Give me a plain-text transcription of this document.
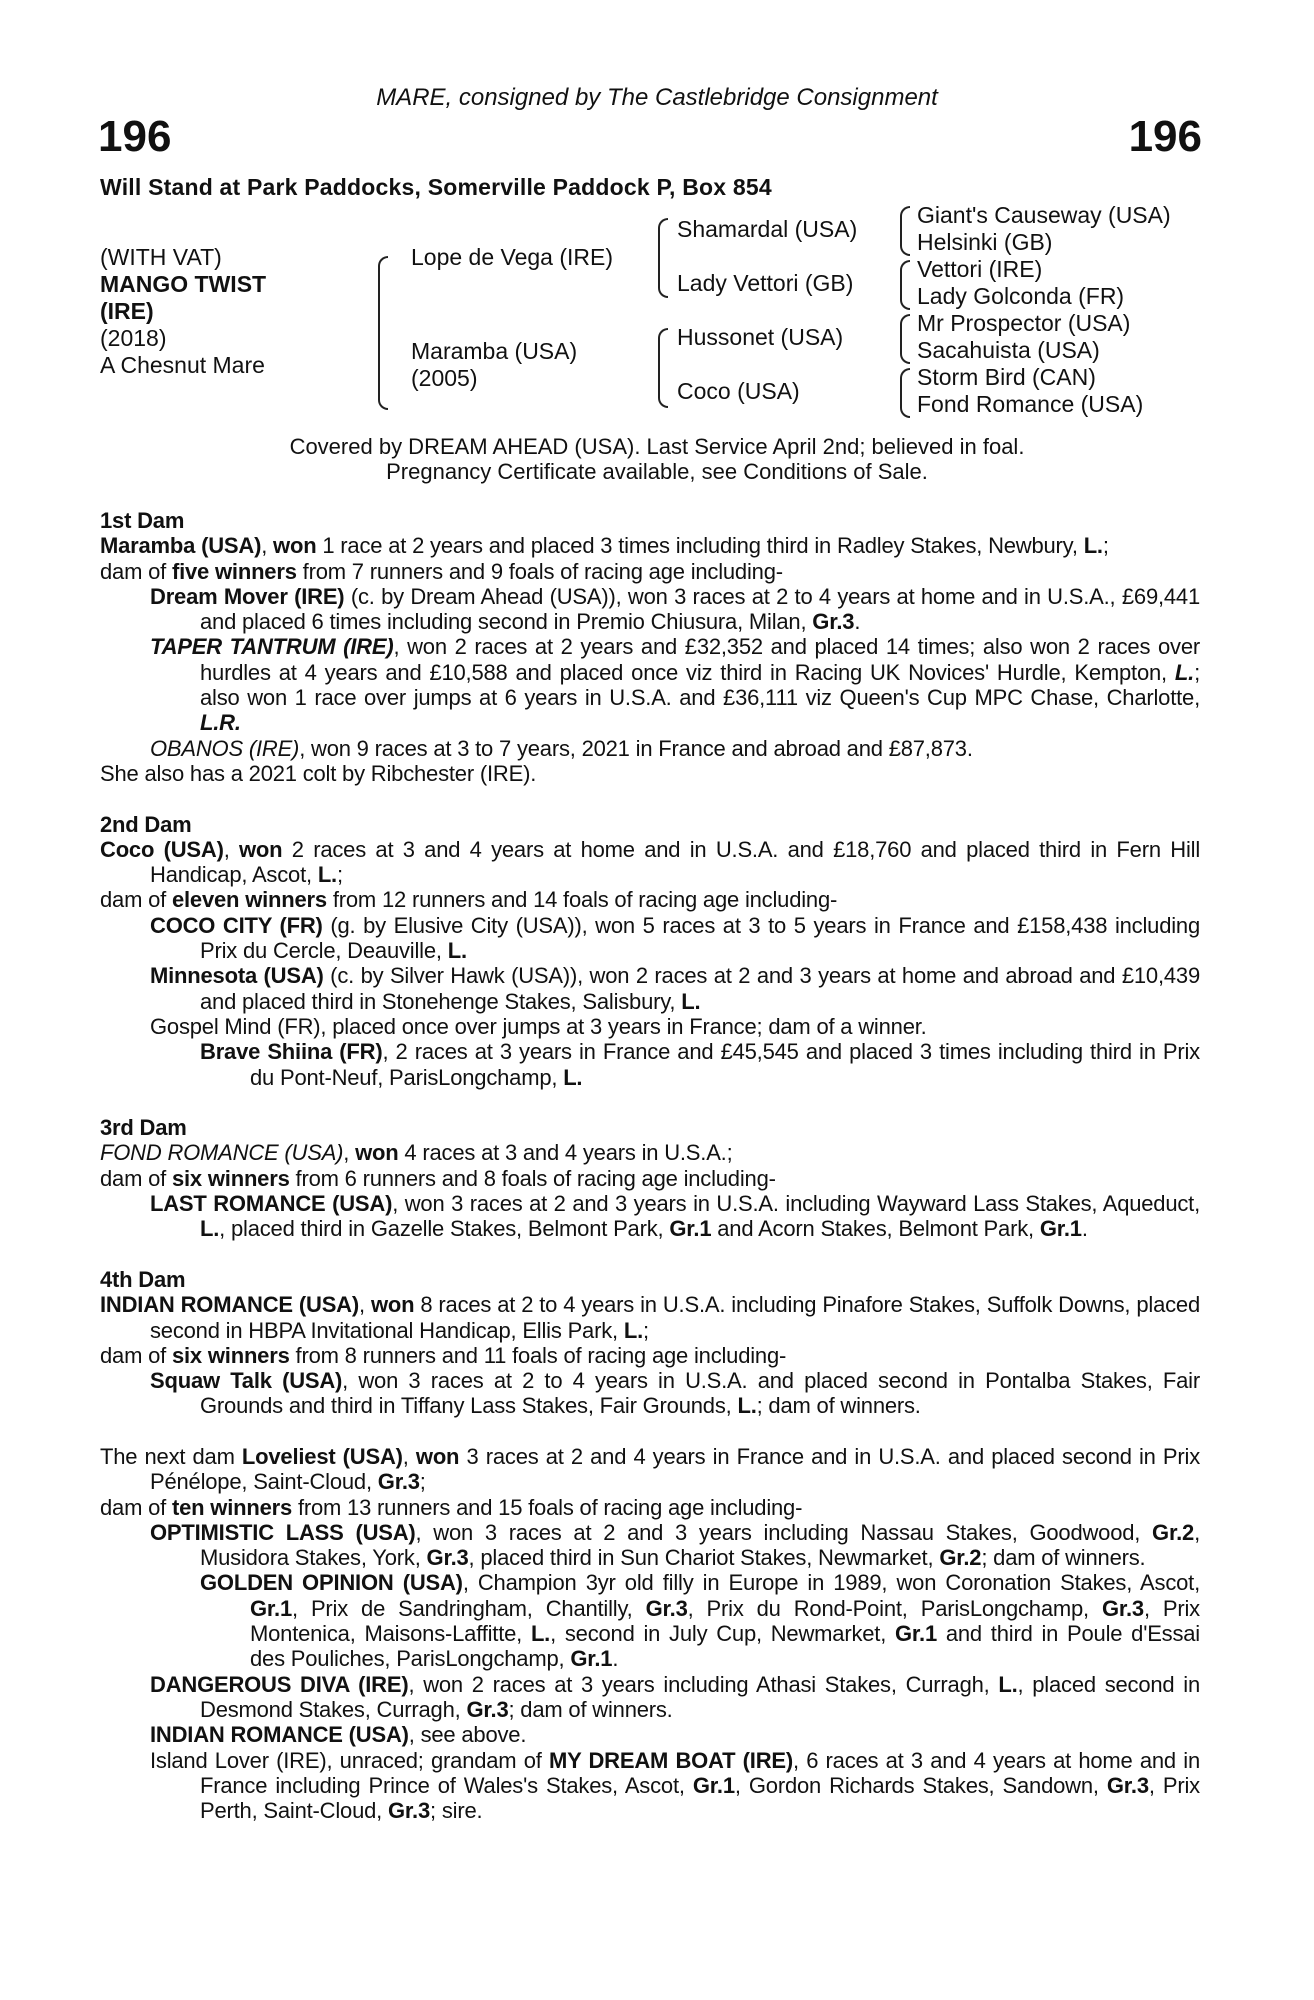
MARE, consigned by The Castlebridge Consignment
196	196
Will Stand at Park Paddocks, Somerville Paddock P, Box 854
(WITH VAT)
MANGO TWIST
(IRE)
(2018)
A Chesnut Mare
Lope de Vega (IRE)
Maramba (USA)
(2005)
Shamardal (USA)
Lady Vettori (GB)
Hussonet (USA)
Coco (USA)
Giant's Causeway (USA)
Helsinki (GB)
Vettori (IRE)
Lady Golconda (FR)
Mr Prospector (USA)
Sacahuista (USA)
Storm Bird (CAN)
Fond Romance (USA)
Covered by DREAM AHEAD (USA). Last Service April 2nd; believed in foal.
Pregnancy Certificate available, see Conditions of Sale.
1st Dam
Maramba (USA), won 1 race at 2 years and placed 3 times including third in Radley Stakes, Newbury, L.;
dam of five winners from 7 runners and 9 foals of racing age including-
Dream Mover (IRE) (c. by Dream Ahead (USA)), won 3 races at 2 to 4 years at home and in U.S.A., £69,441 and placed 6 times including second in Premio Chiusura, Milan, Gr.3.
TAPER TANTRUM (IRE), won 2 races at 2 years and £32,352 and placed 14 times; also won 2 races over hurdles at 4 years and £10,588 and placed once viz third in Racing UK Novices' Hurdle, Kempton, L.; also won 1 race over jumps at 6 years in U.S.A. and £36,111 viz Queen's Cup MPC Chase, Charlotte, L.R.
OBANOS (IRE), won 9 races at 3 to 7 years, 2021 in France and abroad and £87,873.
She also has a 2021 colt by Ribchester (IRE).
2nd Dam
Coco (USA), won 2 races at 3 and 4 years at home and in U.S.A. and £18,760 and placed third in Fern Hill Handicap, Ascot, L.;
dam of eleven winners from 12 runners and 14 foals of racing age including-
COCO CITY (FR) (g. by Elusive City (USA)), won 5 races at 3 to 5 years in France and £158,438 including Prix du Cercle, Deauville, L.
Minnesota (USA) (c. by Silver Hawk (USA)), won 2 races at 2 and 3 years at home and abroad and £10,439 and placed third in Stonehenge Stakes, Salisbury, L.
Gospel Mind (FR), placed once over jumps at 3 years in France; dam of a winner.
Brave Shiina (FR), 2 races at 3 years in France and £45,545 and placed 3 times including third in Prix du Pont-Neuf, ParisLongchamp, L.
3rd Dam
FOND ROMANCE (USA), won 4 races at 3 and 4 years in U.S.A.;
dam of six winners from 6 runners and 8 foals of racing age including-
LAST ROMANCE (USA), won 3 races at 2 and 3 years in U.S.A. including Wayward Lass Stakes, Aqueduct, L., placed third in Gazelle Stakes, Belmont Park, Gr.1 and Acorn Stakes, Belmont Park, Gr.1.
4th Dam
INDIAN ROMANCE (USA), won 8 races at 2 to 4 years in U.S.A. including Pinafore Stakes, Suffolk Downs, placed second in HBPA Invitational Handicap, Ellis Park, L.;
dam of six winners from 8 runners and 11 foals of racing age including-
Squaw Talk (USA), won 3 races at 2 to 4 years in U.S.A. and placed second in Pontalba Stakes, Fair Grounds and third in Tiffany Lass Stakes, Fair Grounds, L.; dam of winners.
The next dam Loveliest (USA), won 3 races at 2 and 4 years in France and in U.S.A. and placed second in Prix Pénélope, Saint-Cloud, Gr.3;
dam of ten winners from 13 runners and 15 foals of racing age including-
OPTIMISTIC LASS (USA), won 3 races at 2 and 3 years including Nassau Stakes, Goodwood, Gr.2, Musidora Stakes, York, Gr.3, placed third in Sun Chariot Stakes, Newmarket, Gr.2; dam of winners.
GOLDEN OPINION (USA), Champion 3yr old filly in Europe in 1989, won Coronation Stakes, Ascot, Gr.1, Prix de Sandringham, Chantilly, Gr.3, Prix du Rond-Point, ParisLongchamp, Gr.3, Prix Montenica, Maisons-Laffitte, L., second in July Cup, Newmarket, Gr.1 and third in Poule d'Essai des Pouliches, ParisLongchamp, Gr.1.
DANGEROUS DIVA (IRE), won 2 races at 3 years including Athasi Stakes, Curragh, L., placed second in Desmond Stakes, Curragh, Gr.3; dam of winners.
INDIAN ROMANCE (USA), see above.
Island Lover (IRE), unraced; grandam of MY DREAM BOAT (IRE), 6 races at 3 and 4 years at home and in France including Prince of Wales's Stakes, Ascot, Gr.1, Gordon Richards Stakes, Sandown, Gr.3, Prix Perth, Saint-Cloud, Gr.3; sire.
